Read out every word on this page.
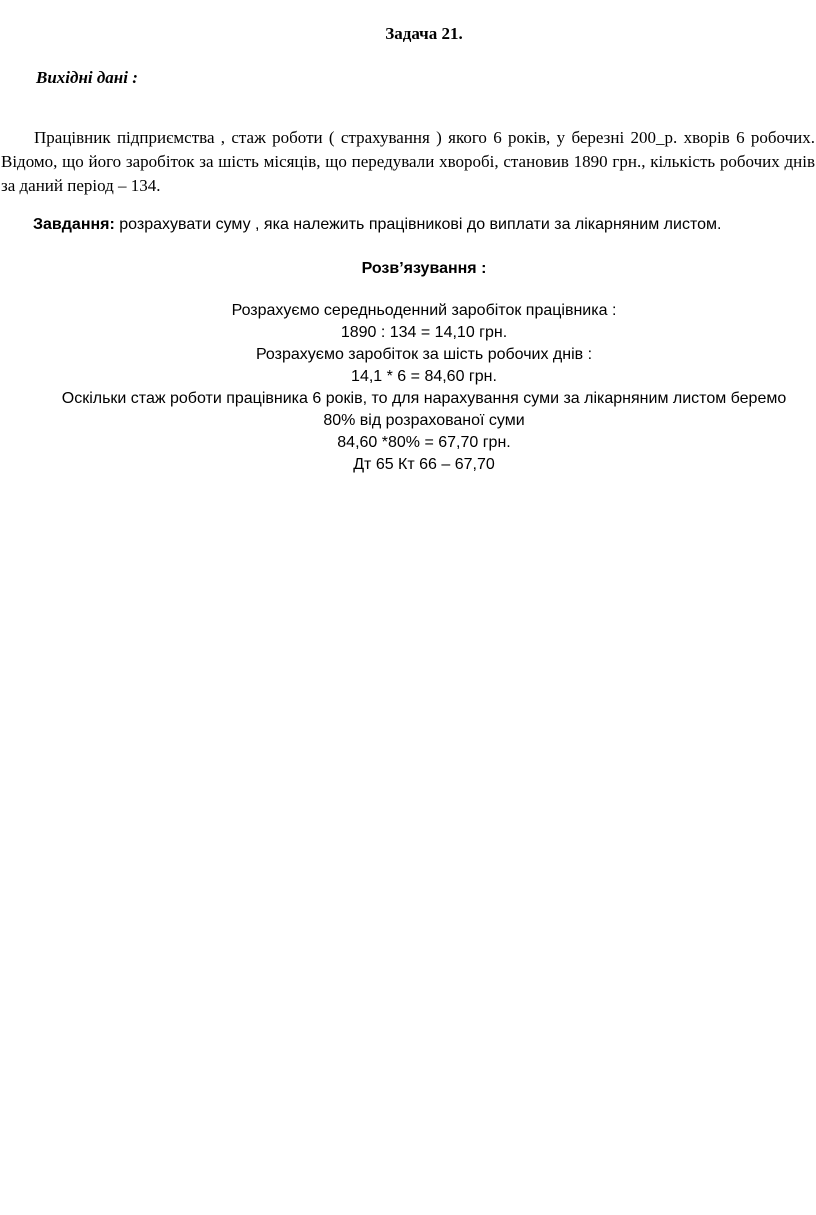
Задача 21.
Вихідні дані :

Працівник підприємства , стаж роботи ( страхування ) якого 6 років, у березні 200_р. хворів 6 робочих. Відомо, що його заробіток за шість місяців, що передували хворобі, становив 1890 грн., кількість робочих днів за даний період – 134.

Завдання: розрахувати суму , яка належить працівникові до виплати за лікарняним листом.
Розв’язування :
Розрахуємо середньоденний заробіток працівника :
1890 : 134 = 14,10 грн.
Розрахуємо заробіток за шість робочих днів :
14,1 * 6 = 84,60 грн.
Оскільки стаж роботи працівника 6 років, то для нарахування суми за лікарняним листом беремо
80% від розрахованої суми
84,60 *80% = 67,70 грн.
Дт 65 Кт 66 – 67,70
